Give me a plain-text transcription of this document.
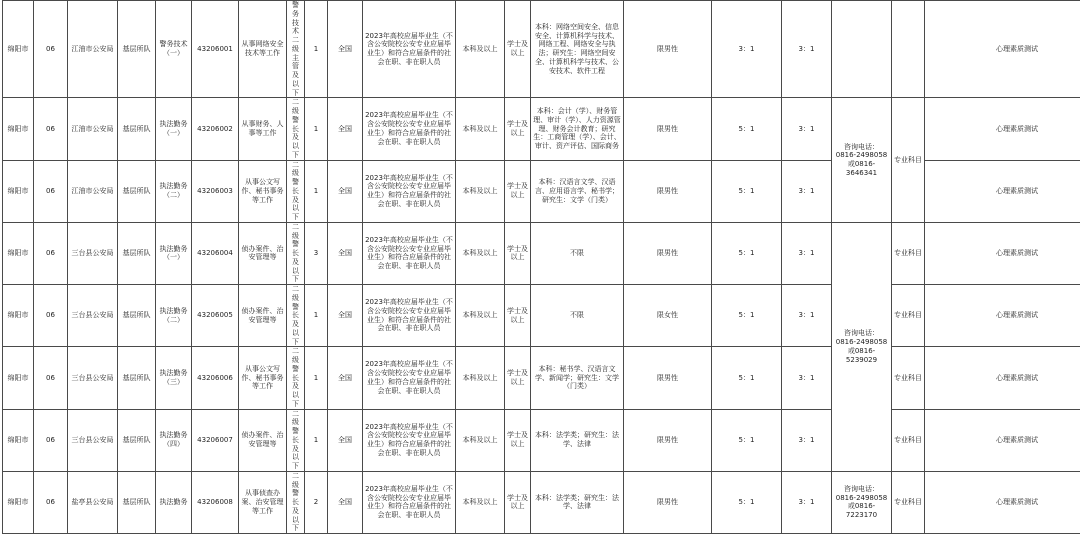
绵阳市	06	江油市公安局	基层所队	警务技术（一）	43206001	从事网络安全技术等工作	警务技术二级主管及以下	1	全国	2023年高校应届毕业生（不含公安院校公安专业应届毕业生）和符合应届条件的社会在职、非在职人员	本科及以上	学士及以上	本科：网络空间安全、信息安全、计算机科学与技术、网络工程、网络安全与执法；研究生：网络空间安全、计算机科学与技术、公安技术、软件工程	限男性	3：1	3：1			心理素质测试
绵阳市	06	江油市公安局	基层所队	执法勤务（一）	43206002	从事财务、人事等工作	二级警长及以下	1	全国	2023年高校应届毕业生（不含公安院校公安专业应届毕业生）和符合应届条件的社会在职、非在职人员	本科及以上	学士及以上	本科：会计（学）、财务管理、审计（学）、人力资源管理、财务会计教育；研究生：工商管理（学）、会计、审计、资产评估、国际商务	限男性	5：1	3：1	咨询电话：0816-2498058或0816-3646341	专业科目	心理素质测试
绵阳市	06	江油市公安局	基层所队	执法勤务（二）	43206003	从事公文写作、秘书事务等工作	二级警长及以下	1	全国	2023年高校应届毕业生（不含公安院校公安专业应届毕业生）和符合应届条件的社会在职、非在职人员	本科及以上	学士及以上	本科：汉语言文学、汉语言、应用语言学、秘书学；研究生：文学（门类）	限男性	5：1	3：1			心理素质测试
绵阳市	06	三台县公安局	基层所队	执法勤务（一）	43206004	侦办案件、治安管理等	二级警长及以下	3	全国	2023年高校应届毕业生（不含公安院校公安专业应届毕业生）和符合应届条件的社会在职、非在职人员	本科及以上	学士及以上	不限	限男性	5：1	3：1	咨询电话：0816-2498058或0816-5239029	专业科目	心理素质测试
绵阳市	06	三台县公安局	基层所队	执法勤务（二）	43206005	侦办案件、治安管理等	二级警长及以下	1	全国	2023年高校应届毕业生（不含公安院校公安专业应届毕业生）和符合应届条件的社会在职、非在职人员	本科及以上	学士及以上	不限	限女性	5：1	3：1		专业科目	心理素质测试
绵阳市	06	三台县公安局	基层所队	执法勤务（三）	43206006	从事公文写作、秘书事务等工作	二级警长及以下	1	全国	2023年高校应届毕业生（不含公安院校公安专业应届毕业生）和符合应届条件的社会在职、非在职人员	本科及以上	学士及以上	本科：秘书学、汉语言文学、新闻学；研究生：文学（门类）	限男性	5：1	3：1		专业科目	心理素质测试
绵阳市	06	三台县公安局	基层所队	执法勤务（四）	43206007	侦办案件、治安管理等	二级警长及以下	1	全国	2023年高校应届毕业生（不含公安院校公安专业应届毕业生）和符合应届条件的社会在职、非在职人员	本科及以上	学士及以上	本科：法学类；研究生：法学、法律	限男性	5：1	3：1		专业科目	心理素质测试
绵阳市	06	盐亭县公安局	基层所队	执法勤务	43206008	从事侦查办案、治安管理等工作	二级警长及以下	2	全国	2023年高校应届毕业生（不含公安院校公安专业应届毕业生）和符合应届条件的社会在职、非在职人员	本科及以上	学士及以上	本科：法学类；研究生：法学、法律	限男性	5：1	3：1	咨询电话：0816-2498058或0816-7223170	专业科目	心理素质测试
